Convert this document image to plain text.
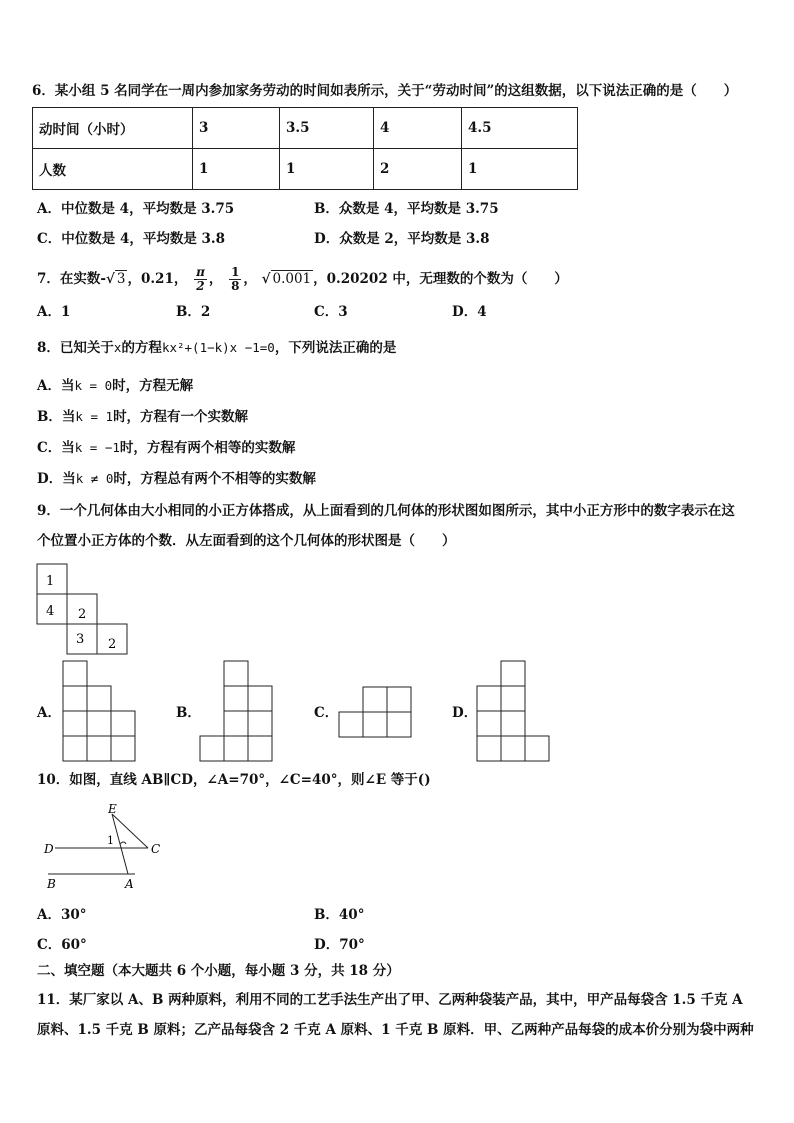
6．某小组 5 名同学在一周内参加家务劳动的时间如表所示，关于“劳动时间”的这组数据，以下说法正确的是（　　）
动时间（小时）	3	3.5	4	4.5
人数	1	1	2	1
A．中位数是 4，平均数是 3.75	B．众数是 4，平均数是 3.75
C．中位数是 4，平均数是 3.8	D．众数是 2，平均数是 3.8
7．在实数-√ 3 ，0.21， $\frac{\pi}{2}$ ， $\frac{1}{8}$ ， √ 0.001 ，0.20202 中，无理数的个数为（　　）
A．1	B．2	C．3	D．4
8．已知关于x的方程kx²+(1−k)x −1=0，下列说法正确的是
A．当k = 0时，方程无解
B．当k = 1时，方程有一个实数解
C．当k = −1时，方程有两个相等的实数解
D．当k ≠ 0时，方程总有两个不相等的实数解
9．一个几何体由大小相同的小正方体搭成，从上面看到的几何体的形状图如图所示，其中小正方形中的数字表示在这
个位置小正方体的个数．从左面看到的这个几何体的形状图是（　　）
1
4 2
3 2
A．	B．	C．	D．
10．如图，直线 AB∥CD，∠A=70°，∠C=40°，则∠E 等于()
E
D	C
B	A
1
A．30°	B．40°
C．60°	D．70°
二、填空题（本大题共 6 个小题，每小题 3 分，共 18 分）
11．某厂家以 A、B 两种原料，利用不同的工艺手法生产出了甲、乙两种袋装产品，其中，甲产品每袋含 1.5 千克 A
原料、1.5 千克 B 原料；乙产品每袋含 2 千克 A 原料、1 千克 B 原料．甲、乙两种产品每袋的成本价分别为袋中两种
